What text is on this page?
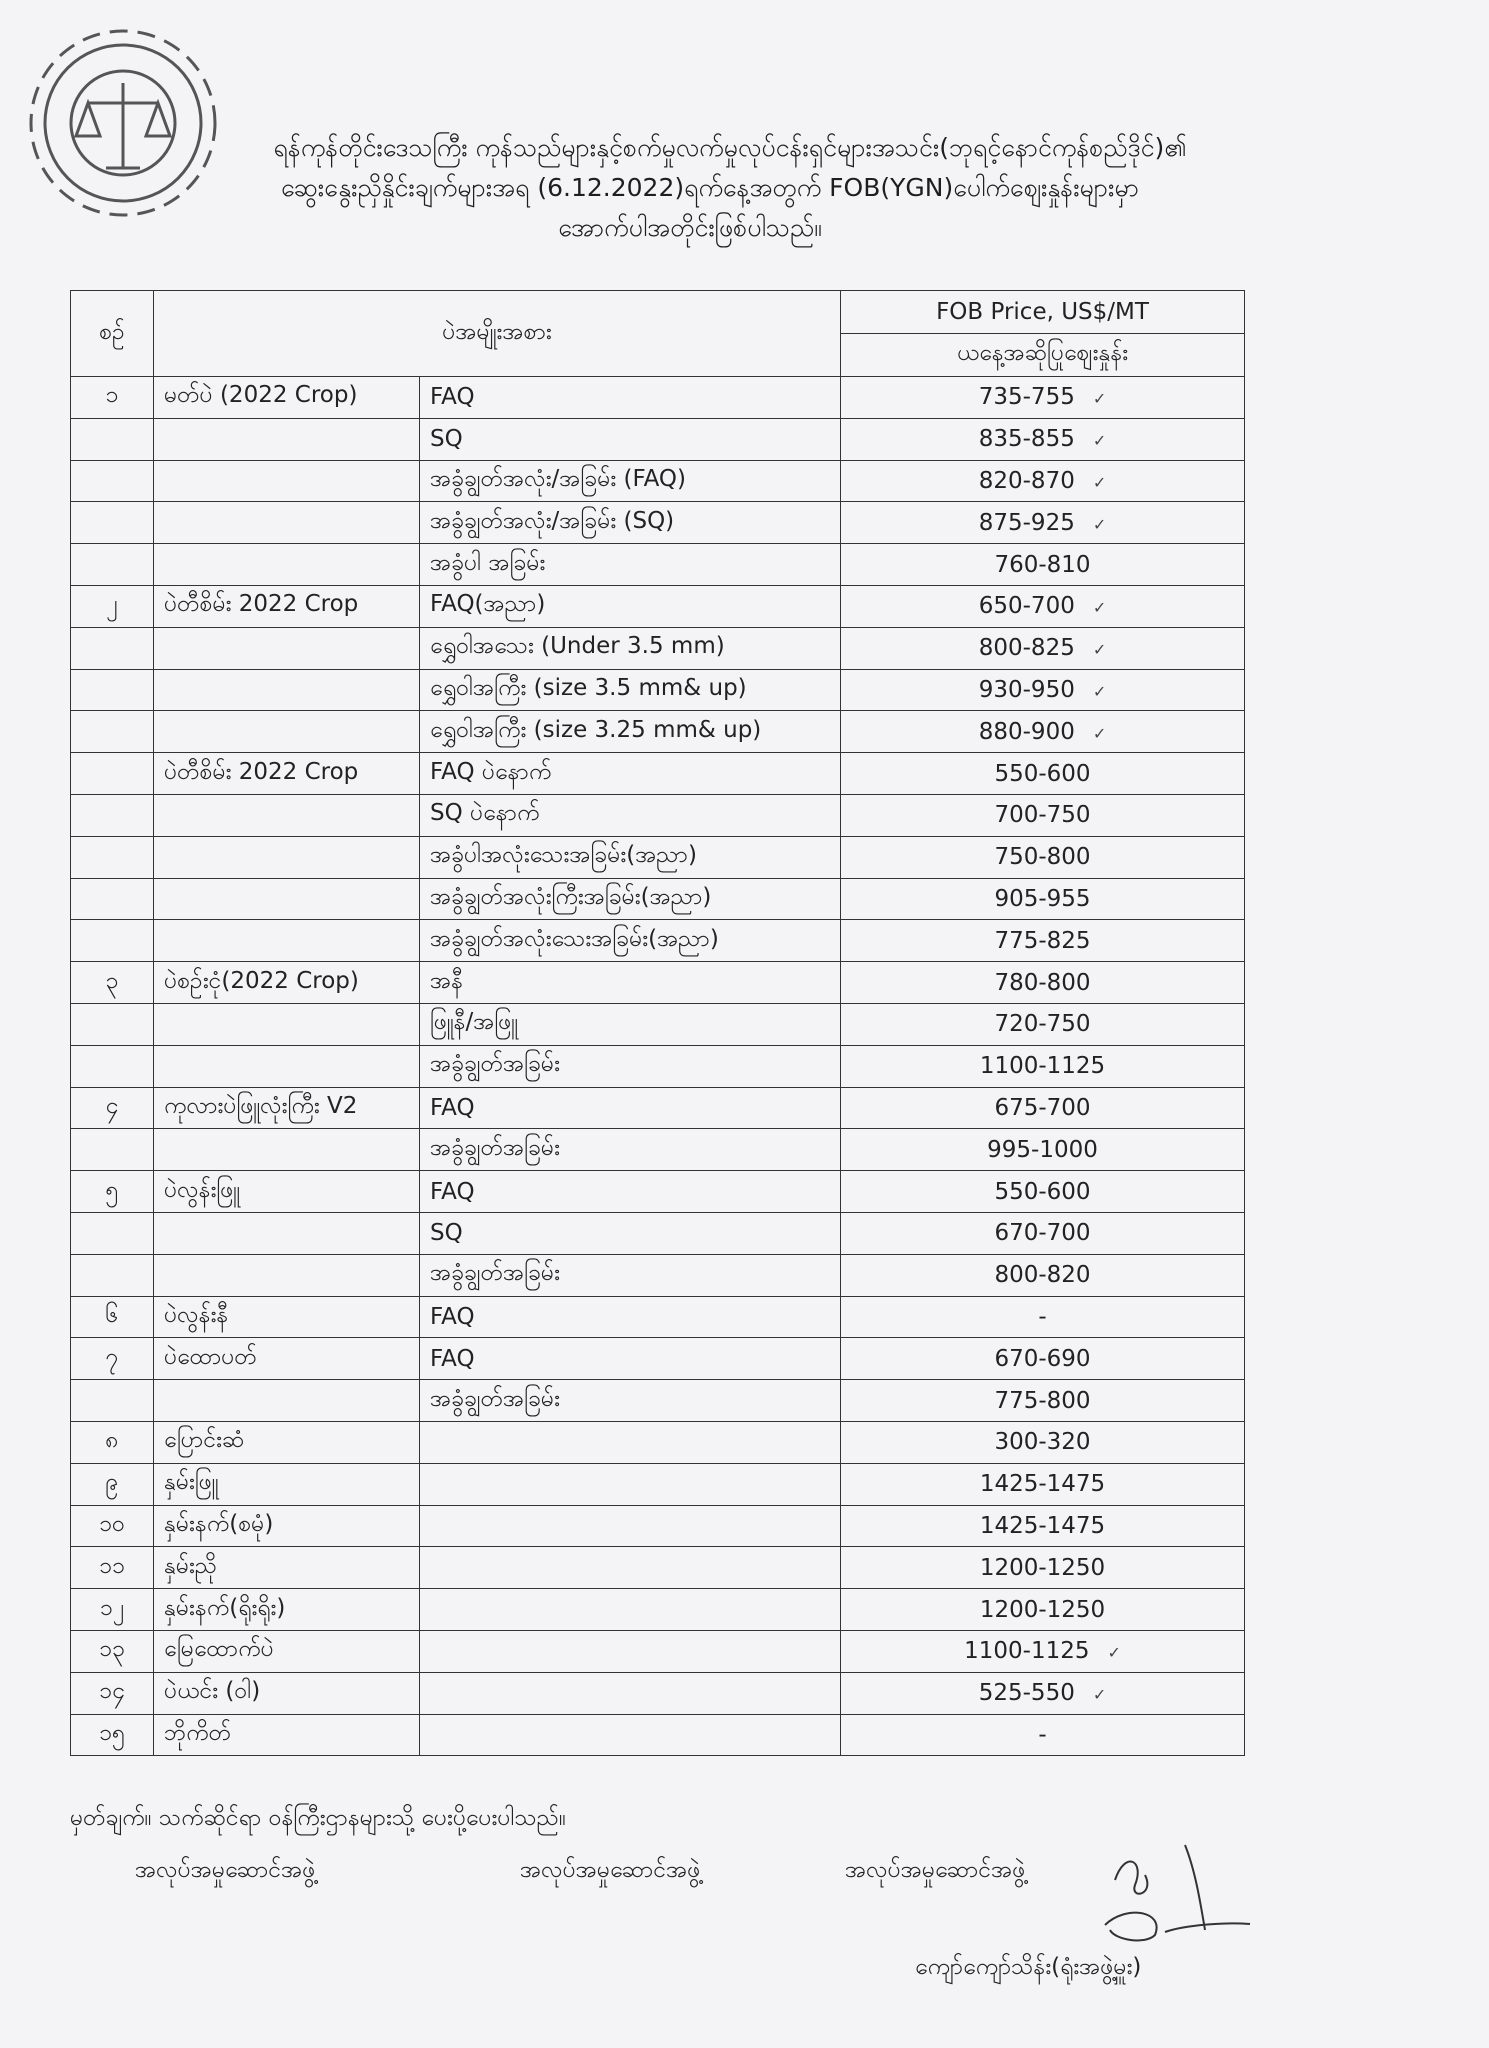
ရန်ကုန်တိုင်းဒေသကြီး ကုန်သည်များနှင့်စက်မှုလက်မှုလုပ်ငန်းရှင်များအသင်း(ဘုရင့်နောင်ကုန်စည်ဒိုင်)၏
ဆွေးနွေးညှိနှိုင်းချက်များအရ (6.12.2022)ရက်နေ့အတွက် FOB(YGN)ပေါက်ဈေးနှုန်းများမှာ
အောက်ပါအတိုင်းဖြစ်ပါသည်။
စဉ်	ပဲအမျိုးအစား		FOB Price, US$/MT
			ယနေ့အဆိုပြုဈေးနှုန်း
၁	မတ်ပဲ (2022 Crop)	FAQ	735-755 ✓
		SQ	835-855 ✓
		အခွံချွတ်အလုံး/အခြမ်း (FAQ)	820-870 ✓
		အခွံချွတ်အလုံး/အခြမ်း (SQ)	875-925 ✓
		အခွံပါ အခြမ်း	760-810
၂	ပဲတီစိမ်း 2022 Crop	FAQ(အညာ)	650-700 ✓
		ရွှေဝါအသေး (Under 3.5 mm)	800-825 ✓
		ရွှေဝါအကြီး (size 3.5 mm& up)	930-950 ✓
		ရွှေဝါအကြီး (size 3.25 mm& up)	880-900 ✓
	ပဲတီစိမ်း 2022 Crop	FAQ ပဲနောက်	550-600
		SQ ပဲနောက်	700-750
		အခွံပါအလုံးသေးအခြမ်း(အညာ)	750-800
		အခွံချွတ်အလုံးကြီးအခြမ်း(အညာ)	905-955
		အခွံချွတ်အလုံးသေးအခြမ်း(အညာ)	775-825
၃	ပဲစဉ်းငုံ(2022 Crop)	အနီ	780-800
		ဖြူနီ/အဖြူ	720-750
		အခွံချွတ်အခြမ်း	1100-1125
၄	ကုလားပဲဖြူလုံးကြီး V2	FAQ	675-700
		အခွံချွတ်အခြမ်း	995-1000
၅	ပဲလွန်းဖြူ	FAQ	550-600
		SQ	670-700
		အခွံချွတ်အခြမ်း	800-820
၆	ပဲလွန်းနီ	FAQ	-
၇	ပဲထောပတ်	FAQ	670-690
		အခွံချွတ်အခြမ်း	775-800
၈	ပြောင်းဆံ		300-320
၉	နှမ်းဖြူ		1425-1475
၁၀	နှမ်းနက်(စမုံ)		1425-1475
၁၁	နှမ်းညို		1200-1250
၁၂	နှမ်းနက်(ရိုးရိုး)		1200-1250
၁၃	မြေထောက်ပဲ		1100-1125 ✓
၁၄	ပဲယင်း (ဝါ)		525-550 ✓
၁၅	ဘိုကိတ်		-
မှတ်ချက်။ သက်ဆိုင်ရာ ဝန်ကြီးဌာနများသို့ ပေးပို့ပေးပါသည်။
အလုပ်အမှုဆောင်အဖွဲ့	အလုပ်အမှုဆောင်အဖွဲ့	အလုပ်အမှုဆောင်အဖွဲ့
ကျော်ကျော်သိန်း(ရုံးအဖွဲ့မှူး)
